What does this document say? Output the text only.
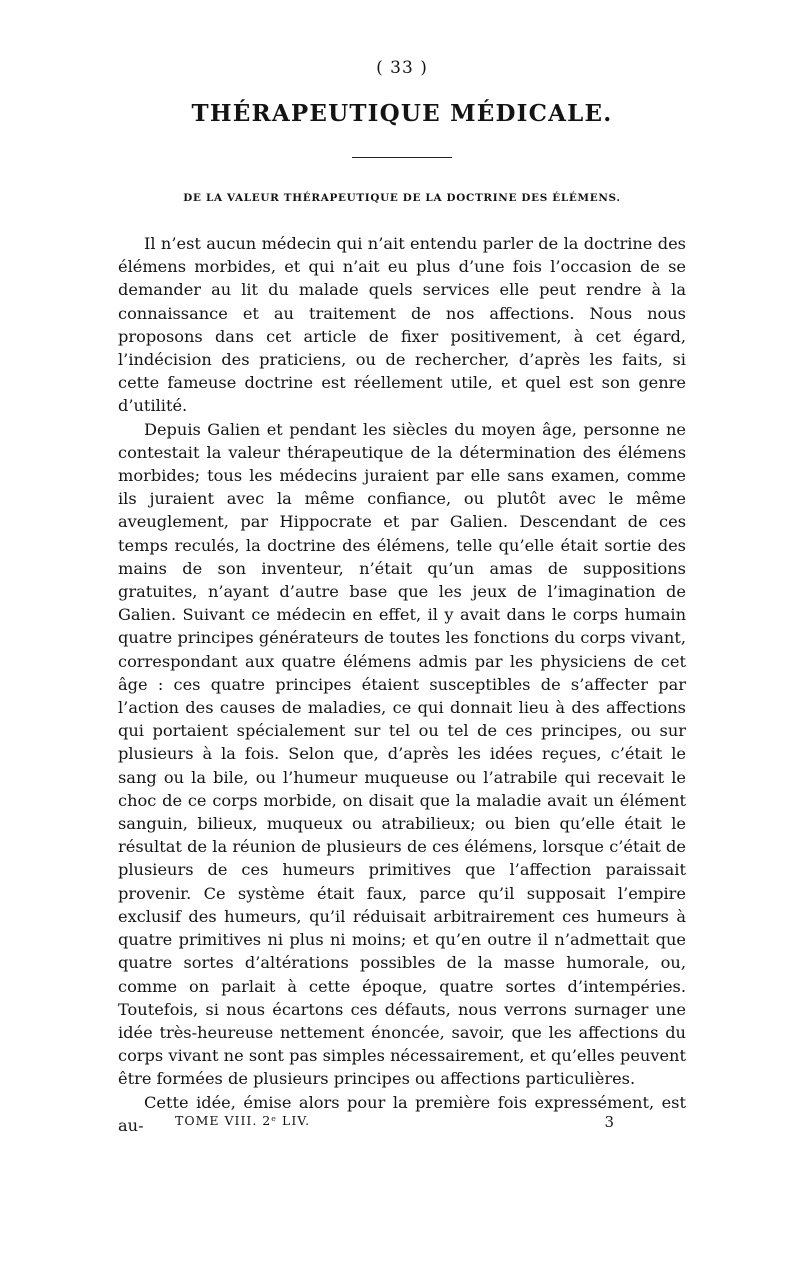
( 33 )
THÉRAPEUTIQUE MÉDICALE.
DE LA VALEUR THÉRAPEUTIQUE DE LA DOCTRINE DES ÉLÉMENS.

Il n’est aucun médecin qui n’ait entendu parler de la doctrine des élémens morbides, et qui n’ait eu plus d’une fois l’occasion de se demander au lit du malade quels services elle peut rendre à la connaissance et au traitement de nos affections. Nous nous proposons dans cet article de fixer positivement, à cet égard, l’indécision des praticiens, ou de rechercher, d’après les faits, si cette fameuse doctrine est réellement utile, et quel est son genre d’utilité.

Depuis Galien et pendant les siècles du moyen âge, personne ne contestait la valeur thérapeutique de la détermination des élémens morbides; tous les médecins juraient par elle sans examen, comme ils juraient avec la même confiance, ou plutôt avec le même aveuglement, par Hippocrate et par Galien. Descendant de ces temps reculés, la doctrine des élémens, telle qu’elle était sortie des mains de son inventeur, n’était qu’un amas de suppositions gratuites, n’ayant d’autre base que les jeux de l’imagination de Galien. Suivant ce médecin en effet, il y avait dans le corps humain quatre principes générateurs de toutes les fonctions du corps vivant, correspondant aux quatre élémens admis par les physiciens de cet âge : ces quatre principes étaient susceptibles de s’affecter par l’action des causes de maladies, ce qui donnait lieu à des affections qui portaient spécialement sur tel ou tel de ces principes, ou sur plusieurs à la fois. Selon que, d’après les idées reçues, c’était le sang ou la bile, ou l’humeur muqueuse ou l’atrabile qui recevait le choc de ce corps morbide, on disait que la maladie avait un élément sanguin, bilieux, muqueux ou atrabilieux; ou bien qu’elle était le résultat de la réunion de plusieurs de ces élémens, lorsque c’était de plusieurs de ces humeurs primitives que l’affection paraissait provenir. Ce système était faux, parce qu’il supposait l’empire exclusif des humeurs, qu’il réduisait arbitrairement ces humeurs à quatre primitives ni plus ni moins; et qu’en outre il n’admettait que quatre sortes d’altérations possibles de la masse humorale, ou, comme on parlait à cette époque, quatre sortes d’intempéries. Toutefois, si nous écartons ces défauts, nous verrons surnager une idée très-heureuse nettement énoncée, savoir, que les affections du corps vivant ne sont pas simples nécessairement, et qu’elles peuvent être formées de plusieurs principes ou affections particulières.

Cette idée, émise alors pour la première fois expressément, est au-	TOME VIII. 2ᵉ LIV.	3
